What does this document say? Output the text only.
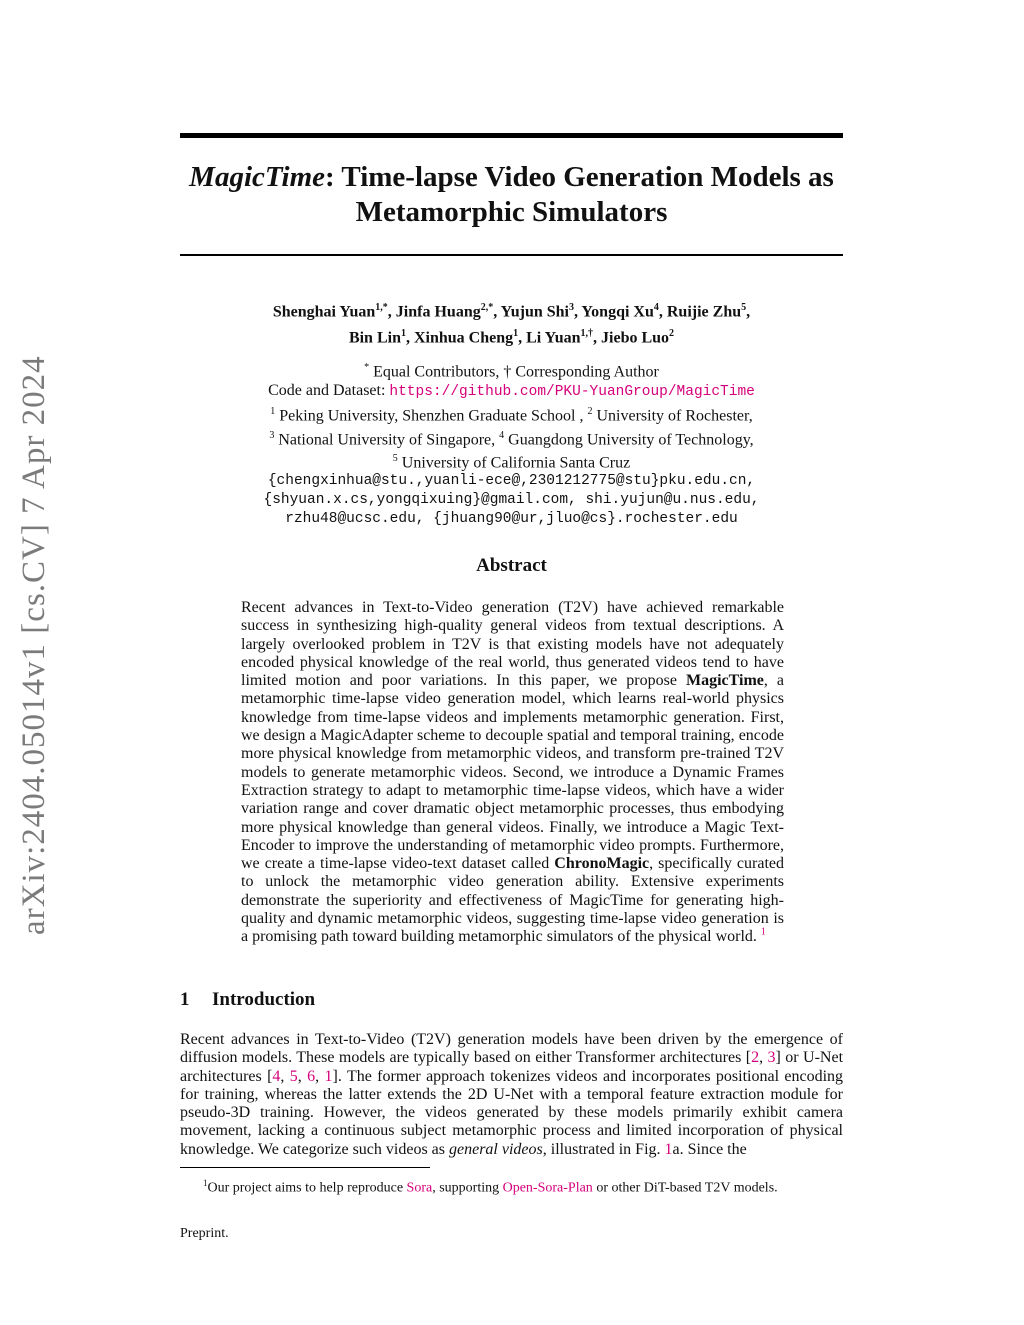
arXiv:2404.05014v1 [cs.CV] 7 Apr 2024
MagicTime: Time-lapse Video Generation Models as
Metamorphic Simulators
Shenghai Yuan$^{1,*}$, Jinfa Huang$^{2,*}$, Yujun Shi$^3$, Yongqi Xu$^4$, Ruijie Zhu$^5$,
Bin Lin$^1$, Xinhua Cheng$^1$, Li Yuan$^{1,\dagger}$, Jiebo Luo$^2$
* Equal Contributors, † Corresponding Author
Code and Dataset: https://github.com/PKU-YuanGroup/MagicTime
$^1$ Peking University, Shenzhen Graduate School , $^2$ University of Rochester,
$^3$ National University of Singapore, $^4$ Guangdong University of Technology,
$^5$ University of California Santa Cruz
{chengxinhua@stu.,yuanli-ece@,2301212775@stu}pku.edu.cn,
{shyuan.x.cs,yongqixuing}@gmail.com, shi.yujun@u.nus.edu,
rzhu48@ucsc.edu, {jhuang90@ur,jluo@cs}.rochester.edu
Abstract
Recent advances in Text-to-Video generation (T2V) have achieved remarkable success in synthesizing high-quality general videos from textual descriptions. A largely overlooked problem in T2V is that existing models have not adequately encoded physical knowledge of the real world, thus generated videos tend to have limited motion and poor variations. In this paper, we propose MagicTime, a metamorphic time-lapse video generation model, which learns real-world physics knowledge from time-lapse videos and implements metamorphic generation. First, we design a MagicAdapter scheme to decouple spatial and temporal training, encode more physical knowledge from metamorphic videos, and transform pre-trained T2V models to generate metamorphic videos. Second, we introduce a Dynamic Frames Extraction strategy to adapt to metamorphic time-lapse videos, which have a wider variation range and cover dramatic object metamorphic processes, thus embodying more physical knowledge than general videos. Finally, we introduce a Magic Text-Encoder to improve the understanding of metamorphic video prompts. Furthermore, we create a time-lapse video-text dataset called ChronoMagic, specifically curated to unlock the metamorphic video generation ability. Extensive experiments demonstrate the superiority and effectiveness of MagicTime for generating high-quality and dynamic metamorphic videos, suggesting time-lapse video generation is a promising path toward building metamorphic simulators of the physical world. $^1$
1 Introduction
Recent advances in Text-to-Video (T2V) generation models have been driven by the emergence of diffusion models. These models are typically based on either Transformer architectures [2, 3] or U-Net architectures [4, 5, 6, 1]. The former approach tokenizes videos and incorporates positional encoding for training, whereas the latter extends the 2D U-Net with a temporal feature extraction module for pseudo-3D training. However, the videos generated by these models primarily exhibit camera movement, lacking a continuous subject metamorphic process and limited incorporation of physical knowledge. We categorize such videos as general videos, illustrated in Fig. 1a. Since the
$^1$Our project aims to help reproduce Sora, supporting Open-Sora-Plan or other DiT-based T2V models.
Preprint.
